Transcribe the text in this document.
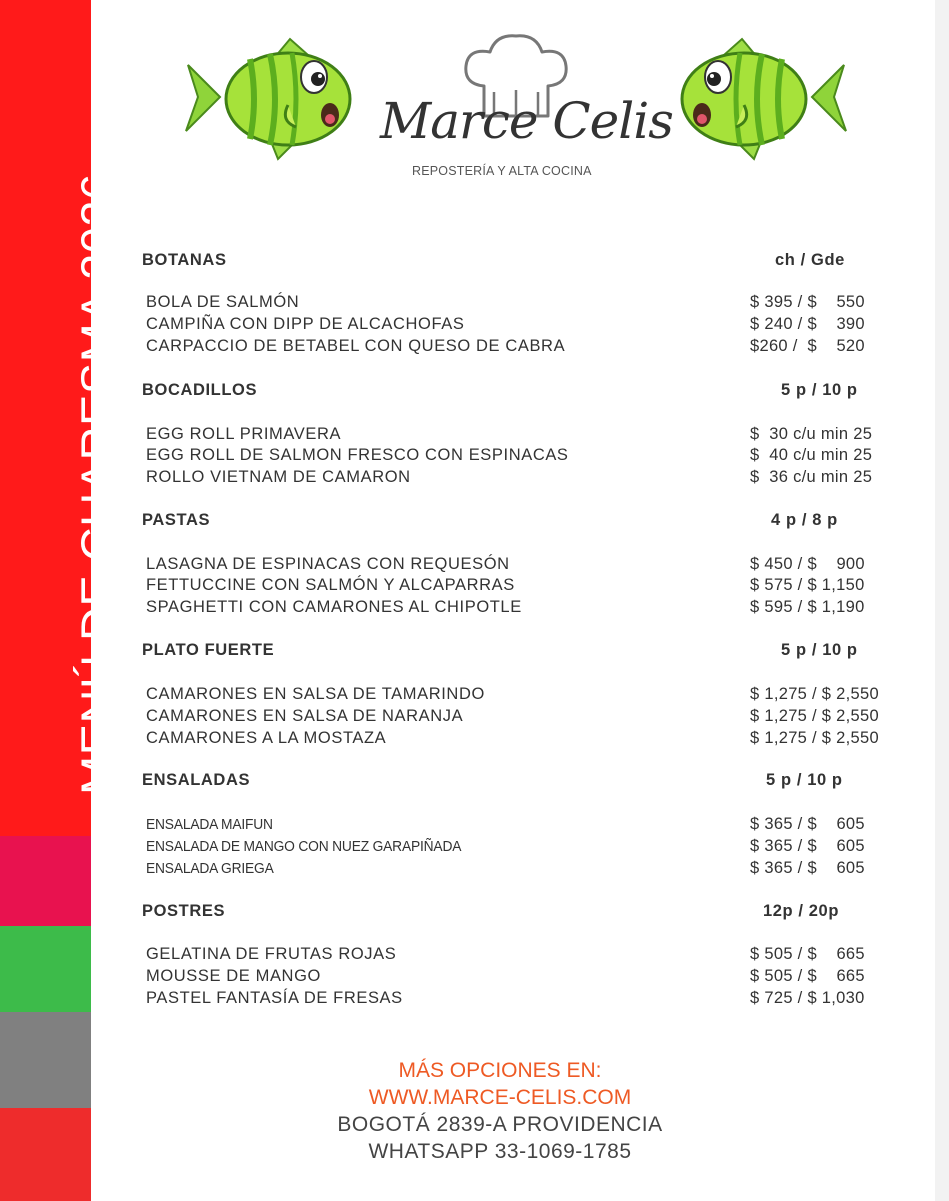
MENÚ DE CUARESMA 2026
Marce Celis
REPOSTERÍA Y ALTA COCINA
BOTANAS	ch / Gde
BOLA DE SALMÓN	$ 395 / $    550
CAMPIÑA CON DIPP DE ALCACHOFAS	$ 240 / $    390
CARPACCIO DE BETABEL CON QUESO DE CABRA	$260 /  $    520
BOCADILLOS	5 p / 10 p
EGG ROLL PRIMAVERA	$  30 c/u min 25
EGG ROLL DE SALMON FRESCO CON ESPINACAS	$  40 c/u min 25
ROLLO VIETNAM DE CAMARON	$  36 c/u min 25
PASTAS	4 p / 8 p
LASAGNA DE ESPINACAS CON REQUESÓN	$ 450 / $    900
FETTUCCINE CON SALMÓN Y ALCAPARRAS	$ 575 / $ 1,150
SPAGHETTI CON CAMARONES AL CHIPOTLE	$ 595 / $ 1,190
PLATO FUERTE	5 p / 10 p
CAMARONES EN SALSA DE TAMARINDO	$ 1,275 / $ 2,550
CAMARONES EN SALSA DE NARANJA	$ 1,275 / $ 2,550
CAMARONES A LA MOSTAZA	$ 1,275 / $ 2,550
ENSALADAS	5 p / 10 p
ENSALADA MAIFUN	$ 365 / $    605
ENSALADA DE MANGO CON NUEZ GARAPIÑADA	$ 365 / $    605
ENSALADA GRIEGA	$ 365 / $    605
POSTRES	12p / 20p
GELATINA DE FRUTAS ROJAS	$ 505 / $    665
MOUSSE DE MANGO	$ 505 / $    665
PASTEL FANTASÍA DE FRESAS	$ 725 / $ 1,030
MÁS OPCIONES EN:
WWW.MARCE-CELIS.COM
BOGOTÁ 2839-A PROVIDENCIA
WHATSAPP 33-1069-1785
